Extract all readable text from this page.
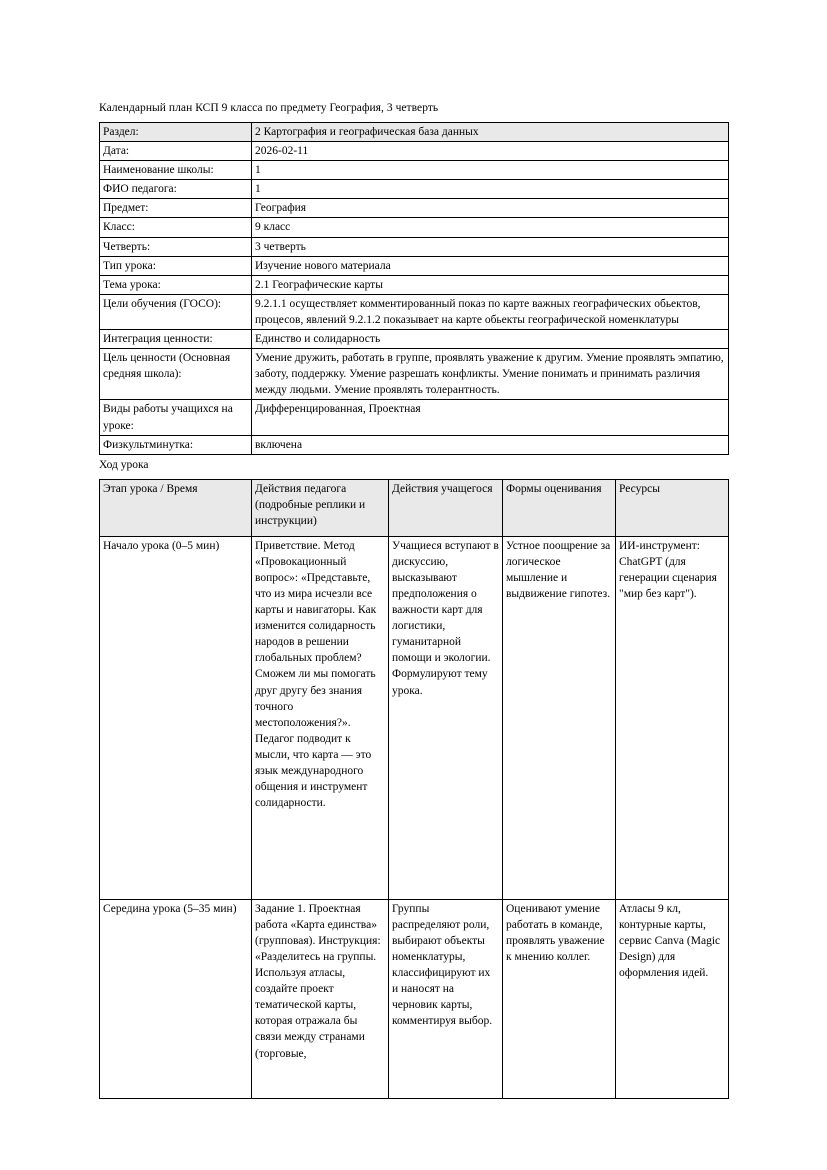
Календарный план КСП 9 класса по предмету География, 3 четверть
Раздел:	2 Картография и географическая база данных
Дата:	2026-02-11
Наименование школы:	1
ФИО педагога:	1
Предмет:	География
Класс:	9 класс
Четверть:	3 четверть
Тип урока:	Изучение нового материала
Тема урока:	2.1 Географические карты
Цели обучения (ГОСО):	9.2.1.1 осуществляет комментированный показ по карте важных географических обьектов, процесов, явлений 9.2.1.2 показывает на карте обьекты географической номенклатуры
Интеграция ценности:	Единство и солидарность
Цель ценности (Основная средняя школа):	Умение дружить, работать в группе, проявлять уважение к другим. Умение проявлять эмпатию, заботу, поддержку. Умение разрешать конфликты. Умение понимать и принимать различия между людьми. Умение проявлять толерантность.
Виды работы учащихся на уроке:	Дифференцированная, Проектная
Физкультминутка:	включена
Ход урока
Этап урока / Время	Действия педагога (подробные реплики и инструкции)	Действия учащегося	Формы оценивания	Ресурсы
Начало урока (0–5 мин)	Приветствие. Метод «Провокационный вопрос»: «Представьте, что из мира исчезли все карты и навигаторы. Как изменится солидарность народов в решении глобальных проблем? Сможем ли мы помогать друг другу без знания точного местоположения?». Педагог подводит к мысли, что карта — это язык международного общения и инструмент солидарности.	Учащиеся вступают в дискуссию, высказывают предположения о важности карт для логистики, гуманитарной помощи и экологии. Формулируют тему урока.	Устное поощрение за логическое мышление и выдвижение гипотез.	ИИ-инструмент: ChatGPT (для генерации сценария "мир без карт").
Середина урока (5–35 мин)	Задание 1. Проектная работа «Карта единства» (групповая). Инструкция: «Разделитесь на группы. Используя атласы, создайте проект тематической карты, которая отражала бы связи между странами (торговые,	Группы распределяют роли, выбирают объекты номенклатуры, классифицируют их и наносят на черновик карты, комментируя выбор.	Оценивают умение работать в команде, проявлять уважение к мнению коллег.	Атласы 9 кл, контурные карты, сервис Canva (Magic Design) для оформления идей.
